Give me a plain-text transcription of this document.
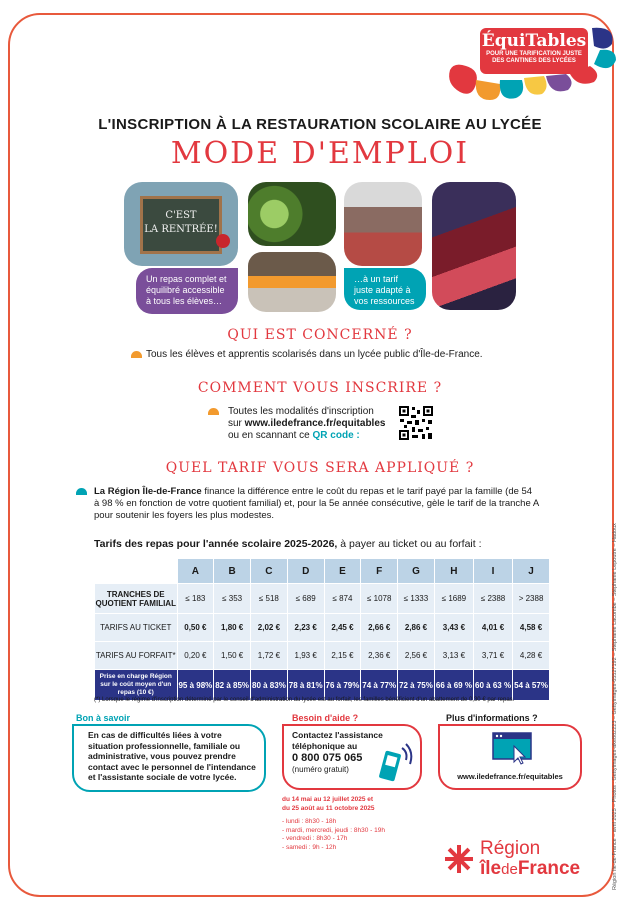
ÉquiTables
POUR UNE TARIFICATION JUSTE
DES CANTINES DES LYCÉES
L'INSCRIPTION À LA RESTAURATION SCOLAIRE AU LYCÉE
MODE D'EMPLOI
C'EST
LA RENTRÉE!
Un repas complet et équilibré accessible à tous les élèves…
…à un tarif juste adapté à vos ressources
QUI EST CONCERNÉ ?
Tous les élèves et apprentis scolarisés dans un lycée public d'Île-de-France.
COMMENT VOUS INSCRIRE ?
Toutes les modalités d'inscription
sur www.iledefrance.fr/equitables
ou en scannant ce QR code :
QUEL TARIF VOUS SERA APPLIQUÉ ?
La Région Île-de-France finance la différence entre le coût du repas et le tarif payé par la famille (de 54 à 98 % en fonction de votre quotient familial) et, pour la 5e année consécutive, gèle le tarif de la tranche A pour soutenir les foyers les plus modestes.
Tarifs des repas pour l'année scolaire 2025-2026, à payer au ticket ou au forfait :
	A	B	C	D	E	F	G	H	I	J
TRANCHES DE QUOTIENT FAMILIAL	≤ 183	≤ 353	≤ 518	≤ 689	≤ 874	≤ 1078	≤ 1333	≤ 1689	≤ 2388	> 2388
TARIFS AU TICKET	0,50 €	1,80 €	2,02 €	2,23 €	2,45 €	2,66 €	2,86 €	3,43 €	4,01 €	4,58 €
TARIFS AU FORFAIT*	0,20 €	1,50 €	1,72 €	1,93 €	2,15 €	2,36 €	2,56 €	3,13 €	3,71 €	4,28 €
Prise en charge Région sur le coût moyen d'un repas (10 €)	95 à 98%	82 à 85%	80 à 83%	78 à 81%	76 à 79%	74 à 77%	72 à 75%	66 à 69 %	60 à 63 %	54 à 57%
(*) Lorsque le régime d'inscription déterminé par le conseil d'administration du lycée est au forfait, les familles bénéficient d'un abattement de 0,30 € par repas.
Bon à savoir
En cas de difficultés liées à votre situation professionnelle, familiale ou administrative, vous pouvez prendre contact avec le personnel de l'intendance et l'assistante sociale de votre lycée.
Besoin d'aide ?
Contactez l'assistance
téléphonique au
0 800 075 065
(numéro gratuit)
du 14 mai au 12 juillet 2025 et
du 25 août au 11 octobre 2025
- lundi : 8h30 - 18h
- mardi, mercredi, jeudi : 8h30 - 19h
- vendredi : 8h30 - 17h
- samedi : 9h - 12h
Plus d'informations ?
www.iledefrance.fr/equitables
Région
îledeFrance	Région Île-de-France – avril 2025 – Photos : Gettyimages-ake882223 – Gettyimages-65527192 – Stéphanie Lacombe – Stéphanie Lepoutre – Hadoux
